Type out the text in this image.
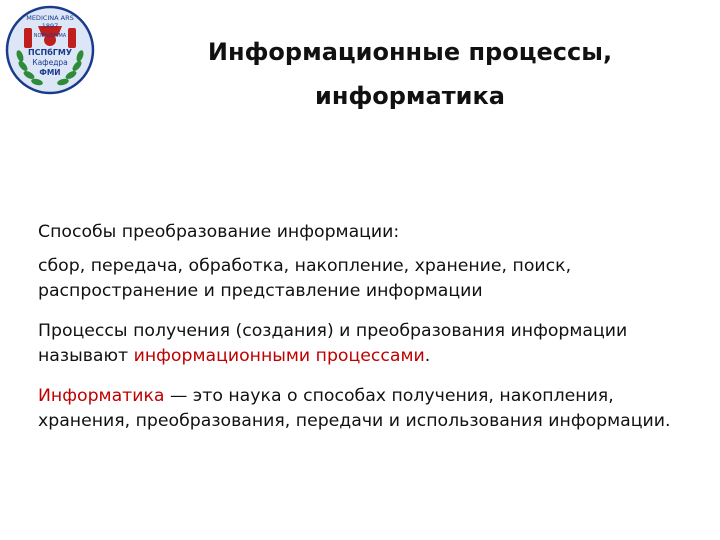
MEDICINA ARS
1897
NOBILISSIMA
ПСПбГМУ
Кафедра
ФМИ
Информационные процессы,
информатика

Способы преобразование информации:

сбор, передача, обработка, накопление, хранение, поиск, распространение и представление информации

Процессы получения (создания) и преобразования информации называют информационными процессами.

Информатика — это наука о способах получения, накопления, хранения, преобразования, передачи и использования информации.
